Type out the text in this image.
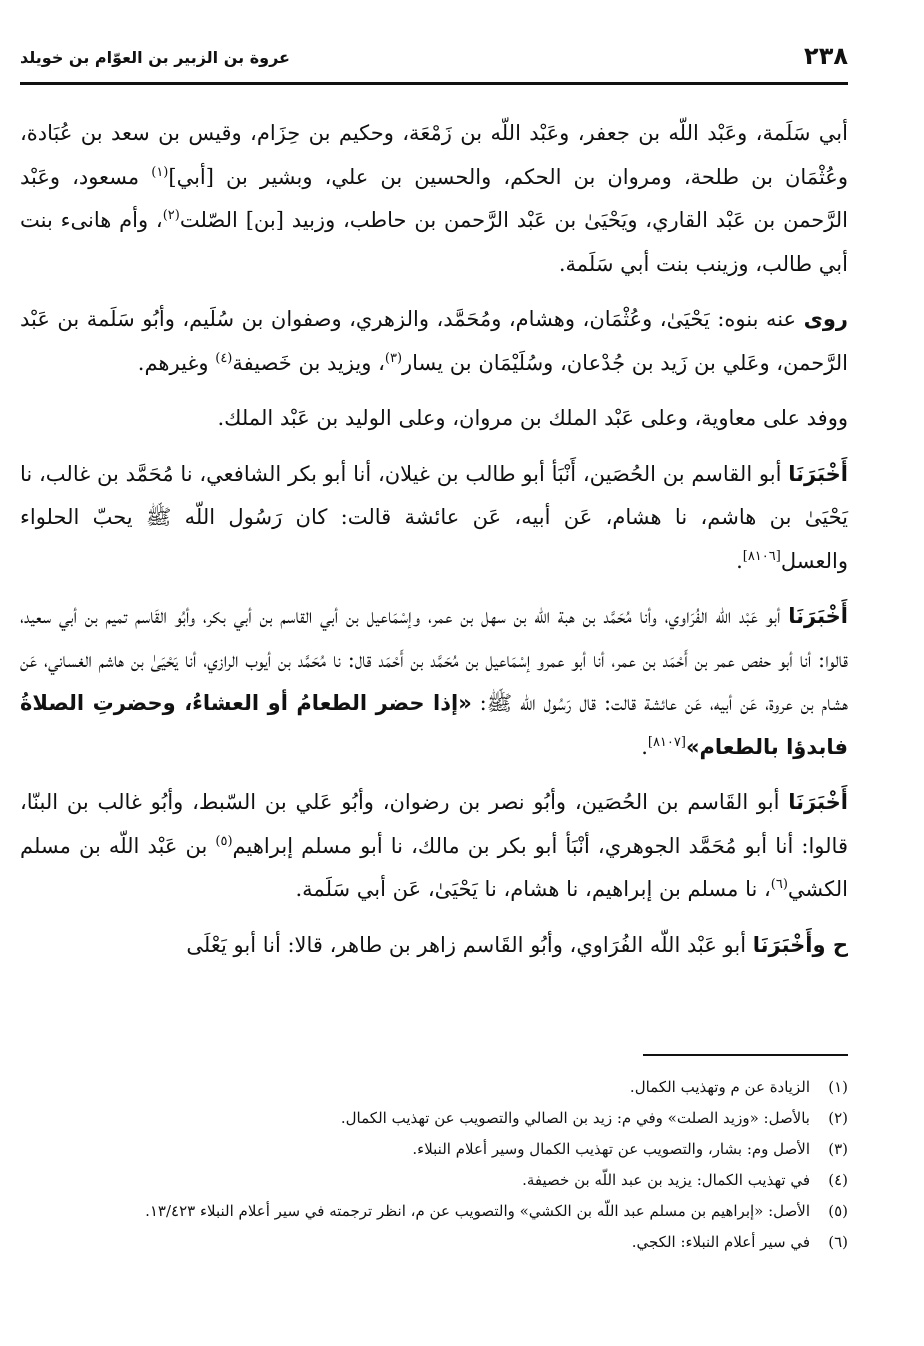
٢٣٨
عروة بن الزبير بن العوّام بن خويلد

أبي سَلَمة، وعَبْد اللّه بن جعفر، وعَبْد اللّه بن زَمْعَة، وحكيم بن حِزَام، وقيس بن سعد بن عُبَادة، وعُثْمَان بن طلحة، ومروان بن الحكم، والحسين بن علي، وبشير بن [أبي]$^{(١)}$ مسعود، وعَبْد الرَّحمن بن عَبْد القاري، ويَحْيَىٰ بن عَبْد الرَّحمن بن حاطب، وزبيد [بن] الصّلت$^{(٢)}$، وأم هانىء بنت أبي طالب، وزينب بنت أبي سَلَمة.

روى عنه بنوه: يَحْيَىٰ، وعُثْمَان، وهشام، ومُحَمَّد، والزهري، وصفوان بن سُلَيم، وأبُو سَلَمة بن عَبْد الرَّحمن، وعَلي بن زَيد بن جُدْعان، وسُلَيْمَان بن يسار$^{(٣)}$، ويزيد بن خَصيفة$^{(٤)}$ وغيرهم.

ووفد على معاوية، وعلى عَبْد الملك بن مروان، وعلى الوليد بن عَبْد الملك.

أَخْبَرَنَا أبو القاسم بن الحُصَين، أَنْبَأ أبو طالب بن غيلان، أنا أبو بكر الشافعي، نا مُحَمَّد بن غالب، نا يَحْيَىٰ بن هاشم، نا هشام، عَن أبيه، عَن عائشة قالت: كان رَسُول اللّه ﷺ يحبّ الحلواء والعسل[٨١٠٦].

أَخْبَرَنَا أبو عَبْد اللّه الفُرَاوي، وأنا مُحَمَّد بن هبة اللّه بن سهل بن عمر، وإسْمَاعيل بن أبي القاسم بن أبي بكر، وأبُو القَاسم تميم بن أبي سعيد، قالوا: أنا أبو حفص عمر بن أَحْمَد بن عمر، أنا أبو عمرو إسْمَاعيل بن مُحَمَّد بن أَحْمَد قال: نا مُحَمَّد بن أيوب الرازي، أنا يَحْيَىٰ بن هاشم الغساني، عَن هشام بن عروة، عَن أبيه، عَن عائشة قالت: قال رَسُول اللّه ﷺ: «إذا حضر الطعامُ أو العشاءُ، وحضرتِ الصلاةُ فابدؤا بالطعام»[٨١٠٧].

أَخْبَرَنَا أبو القَاسم بن الحُصَين، وأبُو نصر بن رضوان، وأبُو عَلي بن السّبط، وأبُو غالب بن البنّا، قالوا: أنا أبو مُحَمَّد الجوهري، أنْبَأ أبو بكر بن مالك، نا أبو مسلم إبراهيم$^{(٥)}$ بن عَبْد اللّه بن مسلم الكشي$^{(٦)}$، نا مسلم بن إبراهيم، نا هشام، نا يَحْيَىٰ، عَن أبي سَلَمة.

ح وأَخْبَرَنَا أبو عَبْد اللّه الفُرَاوي، وأبُو القَاسم زاهر بن طاهر، قالا: أنا أبو يَعْلَى

(١)
الزيادة عن م وتهذيب الكمال.
(٢)
بالأصل: «وزيد الصلت» وفي م: زيد بن الصالي والتصويب عن تهذيب الكمال.
(٣)
الأصل وم: بشار، والتصويب عن تهذيب الكمال وسير أعلام النبلاء.
(٤)
في تهذيب الكمال: يزيد بن عبد اللّه بن خصيفة.
(٥)
الأصل: «إبراهيم بن مسلم عبد اللّه بن الكشي» والتصويب عن م، انظر ترجمته في سير أعلام النبلاء ١٣/٤٢٣.
(٦)
في سير أعلام النبلاء: الكجي.
